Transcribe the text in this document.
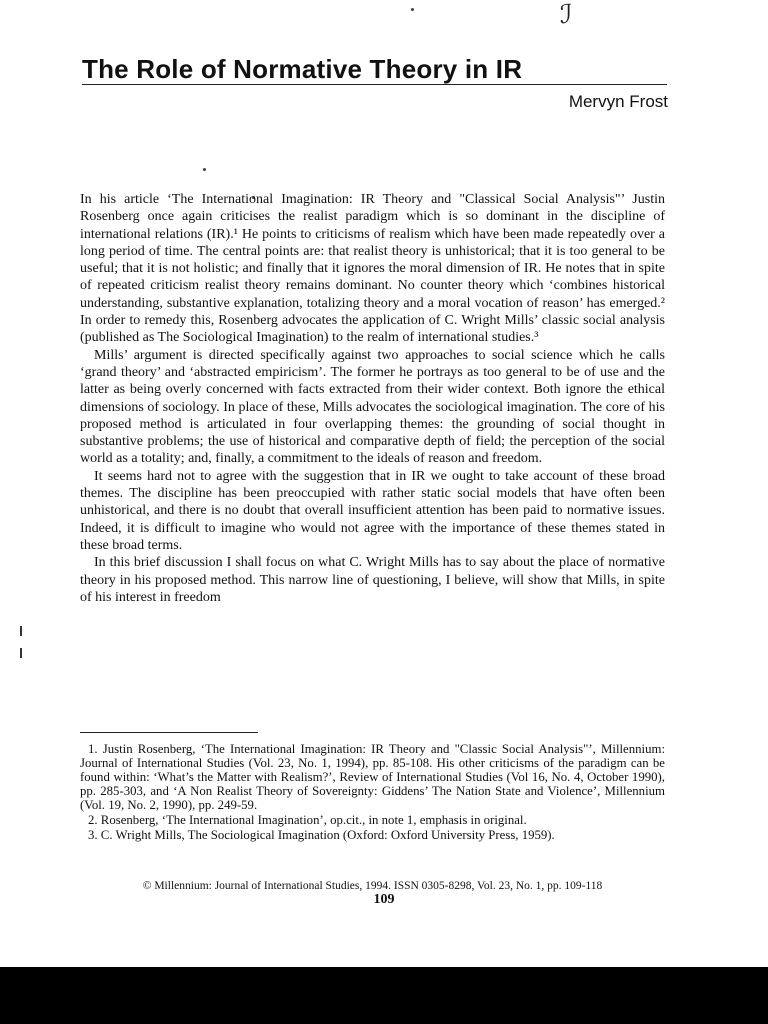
ℐ
The Role of Normative Theory in IR
Mervyn Frost

In his article ‘The International Imagination: IR Theory and "Classical Social Analysis"’ Justin Rosenberg once again criticises the realist paradigm which is so dominant in the discipline of international relations (IR).¹ He points to criticisms of realism which have been made repeatedly over a long period of time. The central points are: that realist theory is unhistorical; that it is too general to be useful; that it is not holistic; and finally that it ignores the moral dimension of IR. He notes that in spite of repeated criticism realist theory remains dominant. No counter theory which ‘combines historical understanding, substantive explanation, totalizing theory and a moral vocation of reason’ has emerged.² In order to remedy this, Rosenberg advocates the application of C. Wright Mills’ classic social analysis (published as The Sociological Imagination) to the realm of international studies.³

Mills’ argument is directed specifically against two approaches to social science which he calls ‘grand theory’ and ‘abstracted empiricism’. The former he portrays as too general to be of use and the latter as being overly concerned with facts extracted from their wider context. Both ignore the ethical dimensions of sociology. In place of these, Mills advocates the sociological imagination. The core of his proposed method is articulated in four overlapping themes: the grounding of social thought in substantive problems; the use of historical and comparative depth of field; the perception of the social world as a totality; and, finally, a commitment to the ideals of reason and freedom.

It seems hard not to agree with the suggestion that in IR we ought to take account of these broad themes. The discipline has been preoccupied with rather static social models that have often been unhistorical, and there is no doubt that overall insufficient attention has been paid to normative issues. Indeed, it is difficult to imagine who would not agree with the importance of these themes stated in these broad terms.

In this brief discussion I shall focus on what C. Wright Mills has to say about the place of normative theory in his proposed method. This narrow line of questioning, I believe, will show that Mills, in spite of his interest in freedom

1. Justin Rosenberg, ‘The International Imagination: IR Theory and "Classic Social Analysis"’, Millennium: Journal of International Studies (Vol. 23, No. 1, 1994), pp. 85-108. His other criticisms of the paradigm can be found within: ‘What’s the Matter with Realism?’, Review of International Studies (Vol 16, No. 4, October 1990), pp. 285-303, and ‘A Non Realist Theory of Sovereignty: Giddens’ The Nation State and Violence’, Millennium (Vol. 19, No. 2, 1990), pp. 249-59.

2. Rosenberg, ‘The International Imagination’, op.cit., in note 1, emphasis in original.

3. C. Wright Mills, The Sociological Imagination (Oxford: Oxford University Press, 1959).

© Millennium: Journal of International Studies, 1994. ISSN 0305-8298, Vol. 23, No. 1, pp. 109-118
109
